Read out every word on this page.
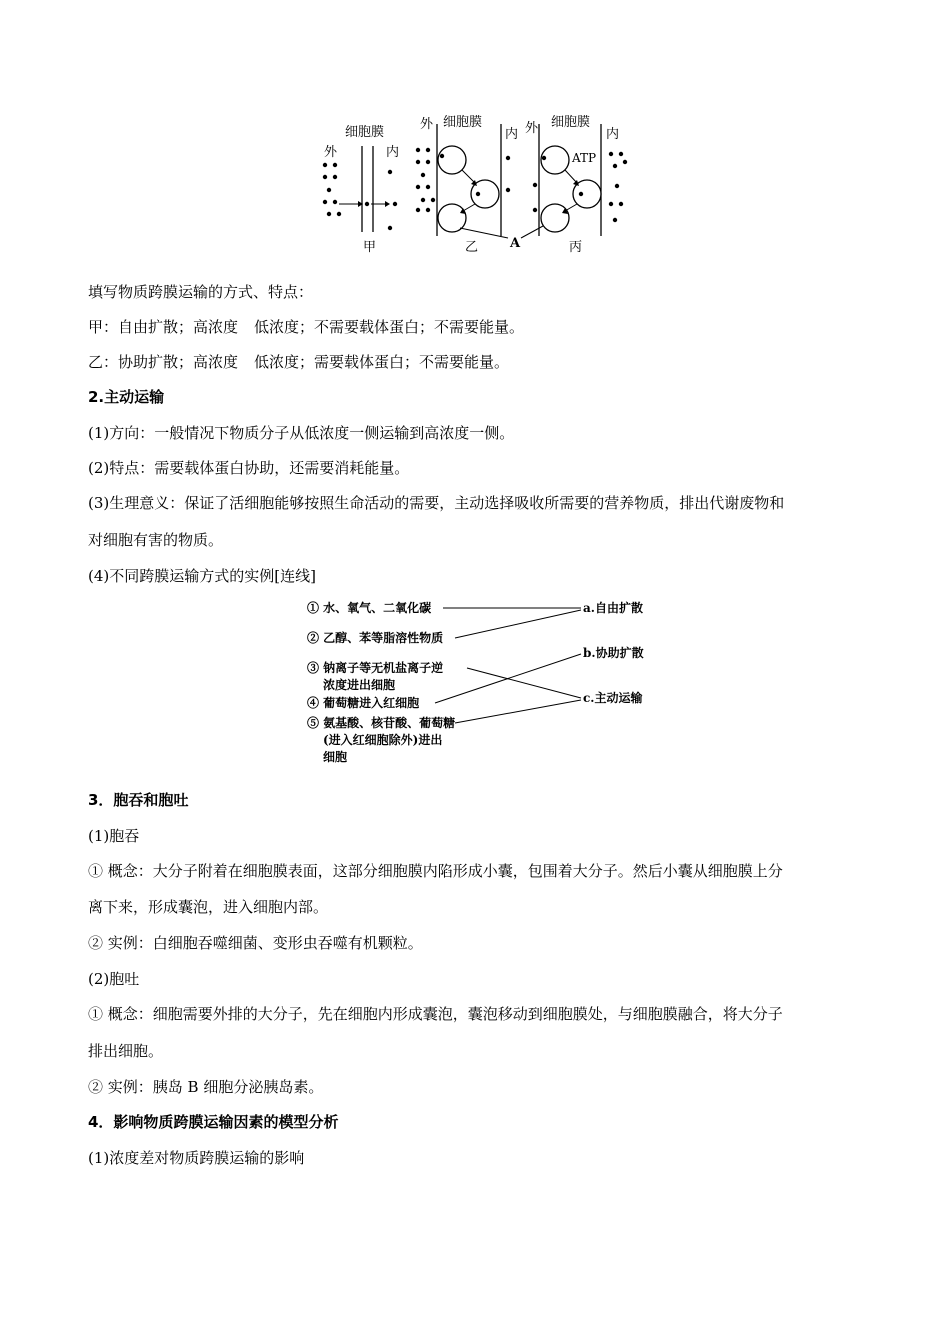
细胞膜
外	内
甲
外 细胞膜
内
乙
外 细胞膜
内
ATP
丙
A
填写物质跨膜运输的方式、特点：
甲：自由扩散；高浓度 低浓度；不需要载体蛋白；不需要能量。
乙：协助扩散；高浓度 低浓度；需要载体蛋白；不需要能量。
2.主动运输
(1)方向：一般情况下物质分子从低浓度一侧运输到高浓度一侧。
(2)特点：需要载体蛋白协助，还需要消耗能量。
(3)生理意义：保证了活细胞能够按照生命活动的需要，主动选择吸收所需要的营养物质，排出代谢废物和
对细胞有害的物质。
(4)不同跨膜运输方式的实例[连线]
① 水、氧气、二氧化碳
② 乙醇、苯等脂溶性物质
③ 钠离子等无机盐离子逆
浓度进出细胞
④ 葡萄糖进入红细胞
⑤ 氨基酸、核苷酸、葡萄糖
(进入红细胞除外)进出
细胞
a.自由扩散
b.协助扩散
c.主动运输
3．胞吞和胞吐
(1)胞吞
① 概念：大分子附着在细胞膜表面，这部分细胞膜内陷形成小囊，包围着大分子。然后小囊从细胞膜上分
离下来，形成囊泡，进入细胞内部。
② 实例：白细胞吞噬细菌、变形虫吞噬有机颗粒。
(2)胞吐
① 概念：细胞需要外排的大分子，先在细胞内形成囊泡，囊泡移动到细胞膜处，与细胞膜融合，将大分子
排出细胞。
② 实例：胰岛 B 细胞分泌胰岛素。
4．影响物质跨膜运输因素的模型分析
(1)浓度差对物质跨膜运输的影响
